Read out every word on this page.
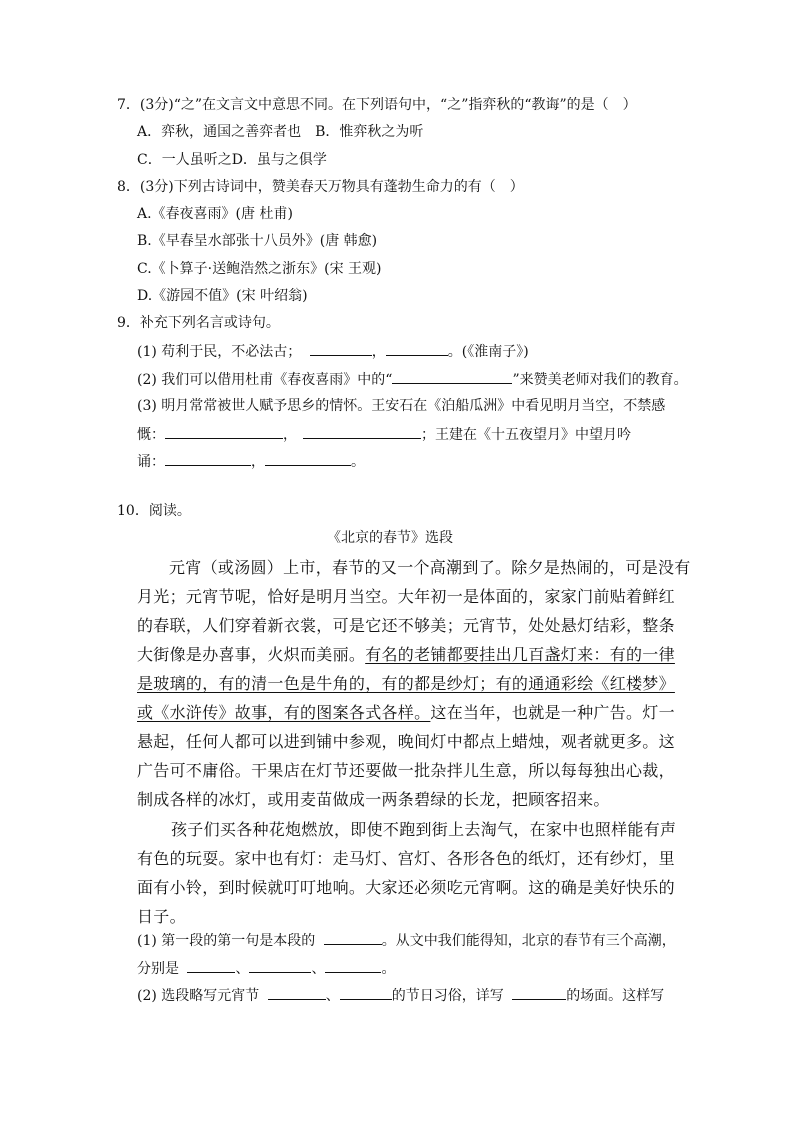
7．(3分)“之”在文言文中意思不同。在下列语句中，“之”指弈秋的“教诲”的是（　）
A．弈秋，通国之善弈者也　B．惟弈秋之为听
C．一人虽听之D．虽与之俱学
8．(3分)下列古诗词中，赞美春天万物具有蓬勃生命力的有（　）
A.《春夜喜雨》(唐 杜甫)
B.《早春呈水部张十八员外》(唐 韩愈)
C.《卜算子·送鲍浩然之浙东》(宋 王观)
D.《游园不值》(宋 叶绍翁)
9．补充下列名言或诗句。
(1) 苟利于民，不必法古；	，	。(《淮南子》)
(2) 我们可以借用杜甫《春夜喜雨》中的“	”来赞美老师对我们的教育。
(3) 明月常常被世人赋予思乡的情怀。王安石在《泊船瓜洲》中看见明月当空，不禁感
慨：	，	；王建在《十五夜望月》中望月吟
诵：	，	。
10．阅读。
《北京的春节》选段
元宵（或汤圆）上市，春节的又一个高潮到了。除夕是热闹的，可是没有
月光；元宵节呢，恰好是明月当空。大年初一是体面的，家家门前贴着鲜红
的春联，人们穿着新衣裳，可是它还不够美；元宵节，处处悬灯结彩，整条
大街像是办喜事，火炽而美丽。有名的老铺都要挂出几百盏灯来：有的一律
是玻璃的，有的清一色是牛角的，有的都是纱灯；有的通通彩绘《红楼梦》
或《水浒传》故事，有的图案各式各样。这在当年，也就是一种广告。灯一
悬起，任何人都可以进到铺中参观，晚间灯中都点上蜡烛，观者就更多。这
广告可不庸俗。干果店在灯节还要做一批杂拌儿生意，所以每每独出心裁，
制成各样的冰灯，或用麦苗做成一两条碧绿的长龙，把顾客招来。
孩子们买各种花炮燃放，即使不跑到街上去淘气，在家中也照样能有声
有色的玩耍。家中也有灯：走马灯、宫灯、各形各色的纸灯，还有纱灯，里
面有小铃，到时候就叮叮地响。大家还必须吃元宵啊。这的确是美好快乐的
日子。
(1) 第一段的第一句是本段的	。从文中我们能得知，北京的春节有三个高潮，
分别是	、	、	。
(2) 选段略写元宵节	、	的节日习俗，详写	的场面。这样写
